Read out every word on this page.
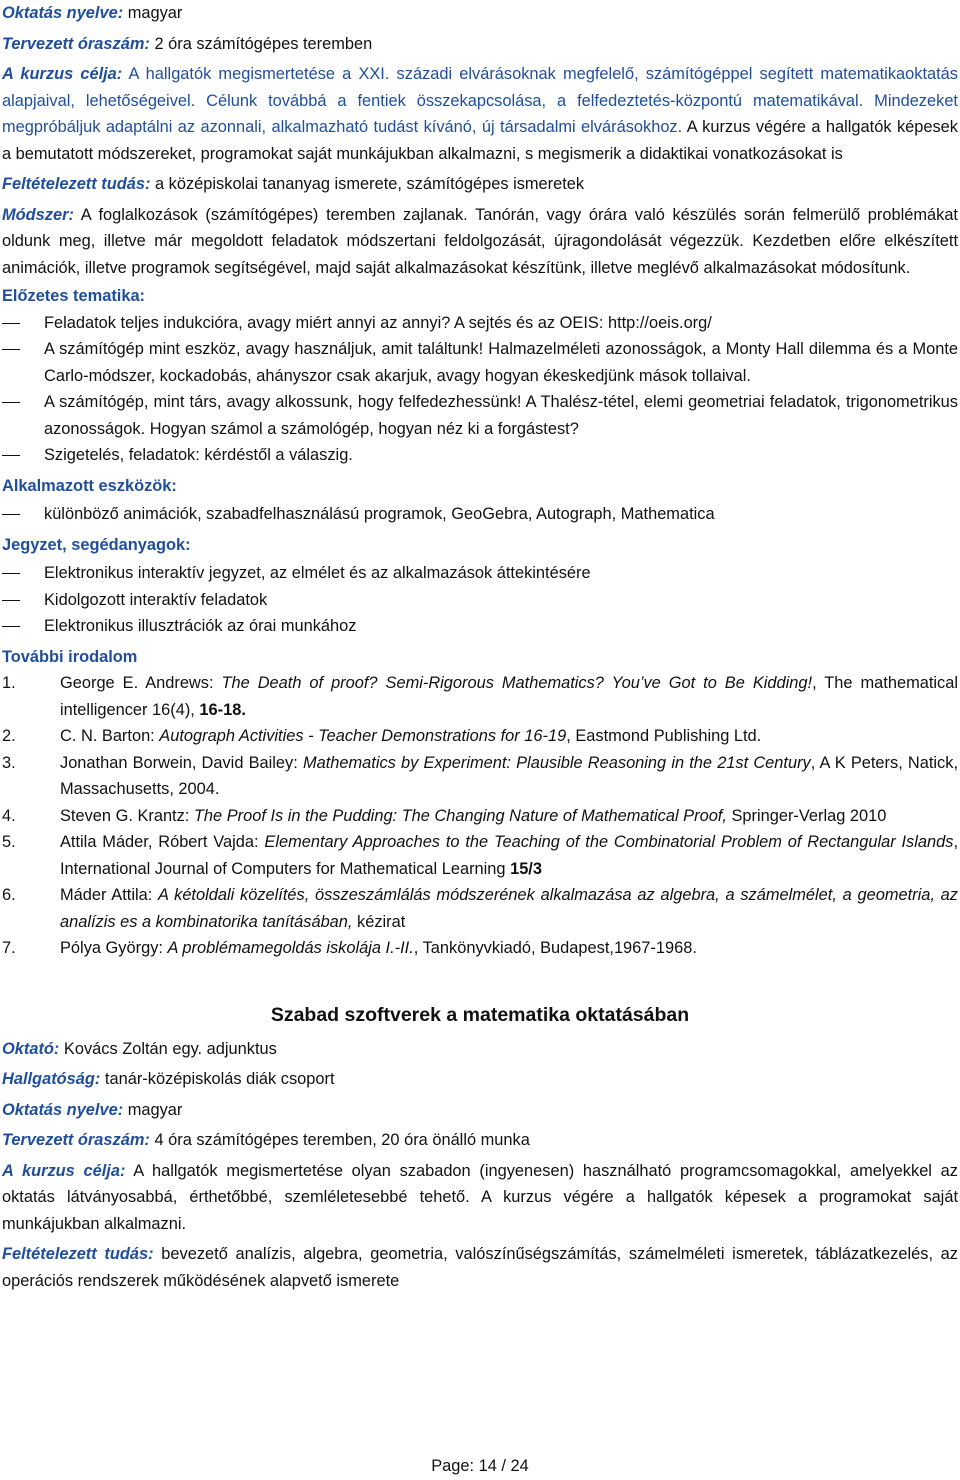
Oktatás nyelve: magyar

Tervezett óraszám: 2 óra számítógépes teremben

A kurzus célja: A hallgatók megismertetése a XXI. századi elvárásoknak megfelelő, számítógéppel segített matematikaoktatás alapjaival, lehetőségeivel. Célunk továbbá a fentiek összekapcsolása, a felfedeztetés-központú matematikával. Mindezeket megpróbáljuk adaptálni az azonnali, alkalmazható tudást kívánó, új társadalmi elvárásokhoz. A kurzus végére a hallgatók képesek a bemutatott módszereket, programokat saját munkájukban alkalmazni, s megismerik a didaktikai vonatkozásokat is

Feltételezett tudás: a középiskolai tananyag ismerete, számítógépes ismeretek

Módszer: A foglalkozások (számítógépes) teremben zajlanak. Tanórán, vagy órára való készülés során felmerülő problémákat oldunk meg, illetve már megoldott feladatok módszertani feldolgozását, újragondolását végezzük. Kezdetben előre elkészített animációk, illetve programok segítségével, majd saját alkalmazásokat készítünk, illetve meglévő alkalmazásokat módosítunk.

Előzetes tematika:

Feladatok teljes indukcióra, avagy miért annyi az annyi? A sejtés és az OEIS: http://oeis.org/
A számítógép mint eszköz, avagy használjuk, amit találtunk! Halmazelméleti azonosságok, a Monty Hall dilemma és a Monte Carlo-módszer, kockadobás, ahányszor csak akarjuk, avagy hogyan ékeskedjünk mások tollaival.
A számítógép, mint társ, avagy alkossunk, hogy felfedezhessünk! A Thalész-tétel, elemi geometriai feladatok, trigonometrikus azonosságok. Hogyan számol a számológép, hogyan néz ki a forgástest?
Szigetelés, feladatok: kérdéstől a válaszig.

Alkalmazott eszközök:

különböző animációk, szabadfelhasználású programok, GeoGebra, Autograph, Mathematica

Jegyzet, segédanyagok:

Elektronikus interaktív jegyzet, az elmélet és az alkalmazások áttekintésére
Kidolgozott interaktív feladatok
Elektronikus illusztrációk az órai munkához

További irodalom

1.	George E. Andrews: The Death of proof? Semi-Rigorous Mathematics? You’ve Got to Be Kidding!, The mathematical intelligencer 16(4), 16-18.
2.	C. N. Barton: Autograph Activities - Teacher Demonstrations for 16-19, Eastmond Publishing Ltd.
3.	Jonathan Borwein, David Bailey: Mathematics by Experiment: Plausible Reasoning in the 21st Century, A K Peters, Natick, Massachusetts, 2004.
4.	Steven G. Krantz: The Proof Is in the Pudding: The Changing Nature of Mathematical Proof, Springer-Verlag 2010
5.	Attila Máder, Róbert Vajda: Elementary Approaches to the Teaching of the Combinatorial Problem of Rectangular Islands, International Journal of Computers for Mathematical Learning 15/3
6.	Máder Attila: A kétoldali közelítés, összeszámlálás módszerének alkalmazása az algebra, a számelmélet, a geometria, az analízis es a kombinatorika tanításában, kézirat
7.	Pólya György: A problémamegoldás iskolája I.-II., Tankönyvkiadó, Budapest,1967-1968.

Szabad szoftverek a matematika oktatásában

Oktató: Kovács Zoltán egy. adjunktus

Hallgatóság: tanár-középiskolás diák csoport

Oktatás nyelve: magyar

Tervezett óraszám: 4 óra számítógépes teremben, 20 óra önálló munka

A kurzus célja: A hallgatók megismertetése olyan szabadon (ingyenesen) használható programcsomagokkal, amelyekkel az oktatás látványosabbá, érthetőbbé, szemléletesebbé tehető. A kurzus végére a hallgatók képesek a programokat saját munkájukban alkalmazni.

Feltételezett tudás: bevezető analízis, algebra, geometria, valószínűségszámítás, számelméleti ismeretek, táblázatkezelés, az operációs rendszerek működésének alapvető ismerete

Page: 14 / 24
